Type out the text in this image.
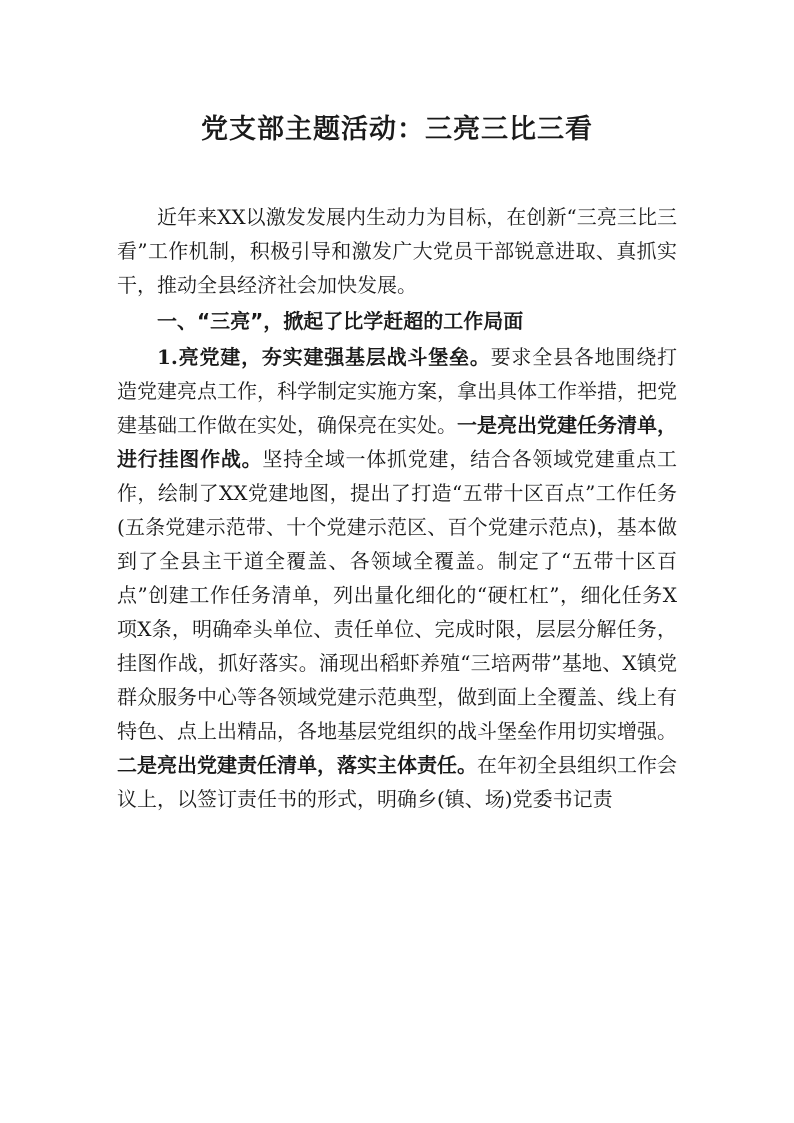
党支部主题活动：三亮三比三看

近年来XX以激发发展内生动力为目标，在创新“三亮三比三看”工作机制，积极引导和激发广大党员干部锐意进取、真抓实干，推动全县经济社会加快发展。

一、“三亮”，掀起了比学赶超的工作局面

1.亮党建，夯实建强基层战斗堡垒。要求全县各地围绕打造党建亮点工作，科学制定实施方案，拿出具体工作举措，把党建基础工作做在实处，确保亮在实处。一是亮出党建任务清单，进行挂图作战。坚持全域一体抓党建，结合各领域党建重点工作，绘制了XX党建地图，提出了打造“五带十区百点”工作任务(五条党建示范带、十个党建示范区、百个党建示范点)，基本做到了全县主干道全覆盖、各领域全覆盖。制定了“五带十区百点”创建工作任务清单，列出量化细化的“硬杠杠”，细化任务X项X条，明确牵头单位、责任单位、完成时限，层层分解任务，挂图作战，抓好落实。涌现出稻虾养殖“三培两带”基地、X镇党群众服务中心等各领域党建示范典型，做到面上全覆盖、线上有特色、点上出精品，各地基层党组织的战斗堡垒作用切实增强。二是亮出党建责任清单，落实主体责任。在年初全县组织工作会议上，以签订责任书的形式，明确乡(镇、场)党委书记责
